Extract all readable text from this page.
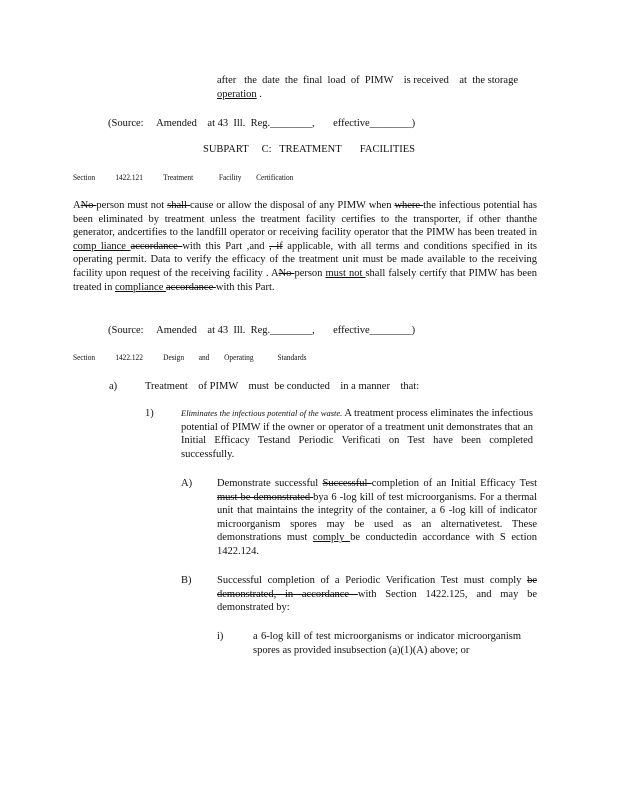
after   the  date  the  final  load  of  PIMW    is received    at  the storage
operation .
(Source:     Amended    at 43  Ill.  Reg.________,       effective________)
SUBPART     C:   TREATMENT       FACILITIES
Section	1422.121	Treatment	Facility Certification
ANo person must not shall cause or allow the disposal of any PIMW when where the infectious potential has been eliminated by treatment unless the treatment facility certifies to the transporter, if other thanthe generator, andcertifies to the landfill operator or receiving facility operator that the PIMW has been treated in comp liance accordance with this Part ,and , if applicable, with all terms and conditions specified in its operating permit. Data to verify the efficacy of the treatment unit must be made available to the receiving facility upon request of the receiving facility . ANo person must not shall falsely certify that PIMW has been treated in compliance accordance with this Part.
(Source:     Amended    at 43  Ill.  Reg.________,       effective________)
Section	1422.122	Design and Operating	Standards
a)	Treatment    of PIMW    must  be conducted    in a manner    that:
1)	Eliminates the infectious potential of the waste. A treatment process eliminates the infectious potential of PIMW if the owner or operator of a treatment unit demonstrates that an Initial Efficacy Testand Periodic Verificati on Test have been completed successfully.
A) Demonstrate successful Successful completion of an Initial Efficacy Test must be demonstrated bya 6 -log kill of test microorganisms. For a thermal unit that maintains the integrity of the container, a 6 -log kill of indicator microorganism spores may be used as an alternativetest. These demonstrations must comply be conductedin accordance with S ection 1422.124.
B) Successful completion of a Periodic Verification Test must comply be demonstrated, in accordance with Section 1422.125, and may be demonstrated by:
i)	a 6-log kill of test microorganisms or indicator microorganism spores as provided insubsection (a)(1)(A) above; or
